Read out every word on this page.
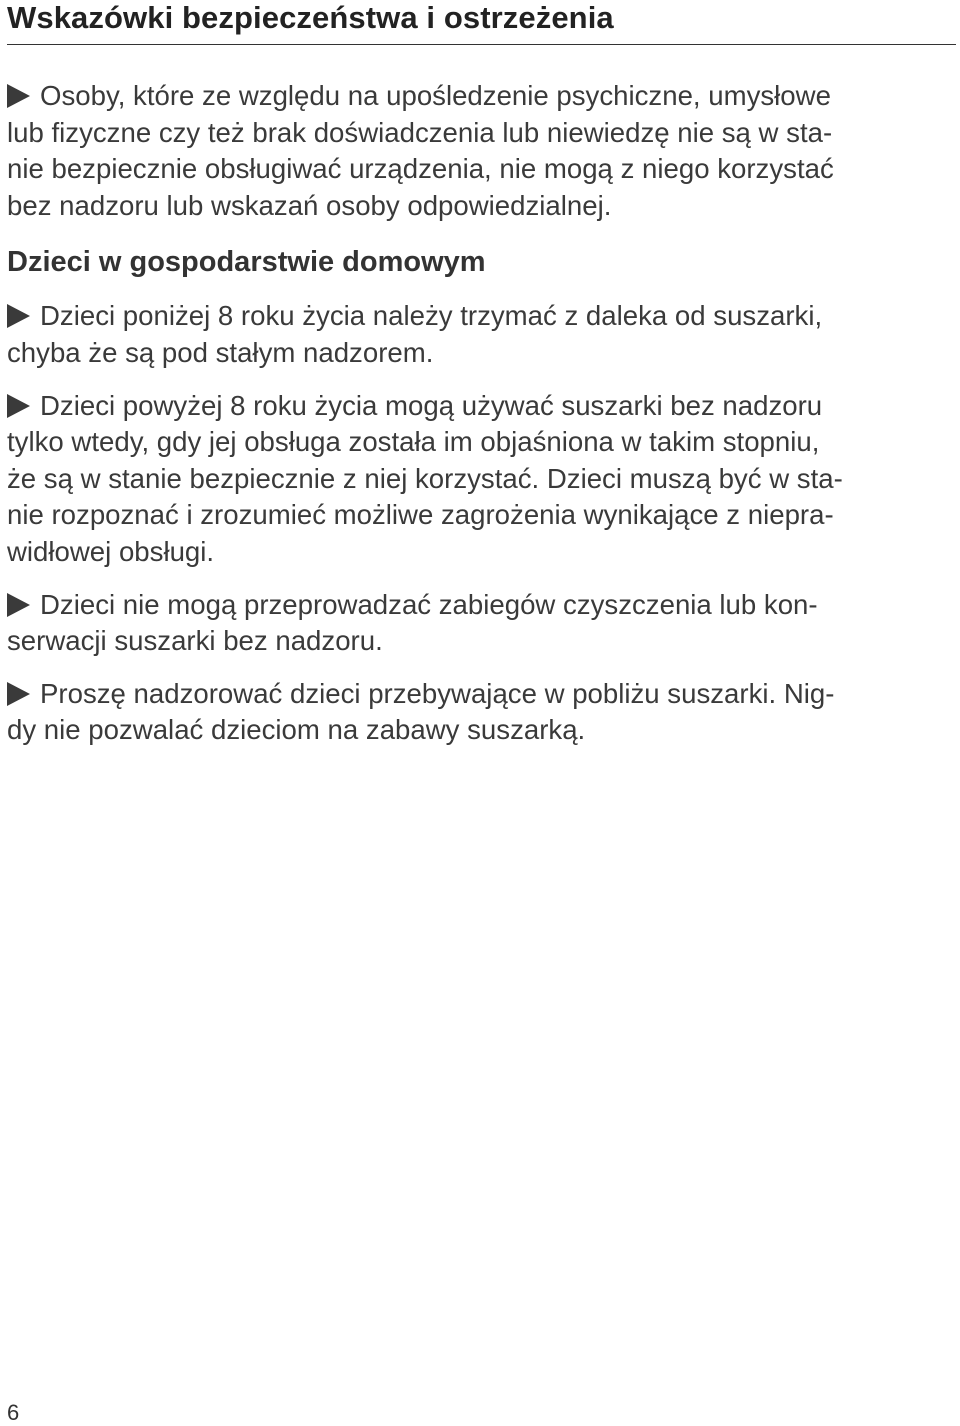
Wskazówki bezpieczeństwa i ostrzeżenia

Osoby, które ze względu na upośledzenie psychiczne, umysłowe
lub fizyczne czy też brak doświadczenia lub niewiedzę nie są w sta-
nie bezpiecznie obsługiwać urządzenia, nie mogą z niego korzystać
bez nadzoru lub wskazań osoby odpowiedzialnej.

Dzieci w gospodarstwie domowym

Dzieci poniżej 8 roku życia należy trzymać z daleka od suszarki,
chyba że są pod stałym nadzorem.

Dzieci powyżej 8 roku życia mogą używać suszarki bez nadzoru
tylko wtedy, gdy jej obsługa została im objaśniona w takim stopniu,
że są w stanie bezpiecznie z niej korzystać. Dzieci muszą być w sta-
nie rozpoznać i zrozumieć możliwe zagrożenia wynikające z niepra-
widłowej obsługi.

Dzieci nie mogą przeprowadzać zabiegów czyszczenia lub kon-
serwacji suszarki bez nadzoru.

Proszę nadzorować dzieci przebywające w pobliżu suszarki. Nig-
dy nie pozwalać dzieciom na zabawy suszarką.

6
